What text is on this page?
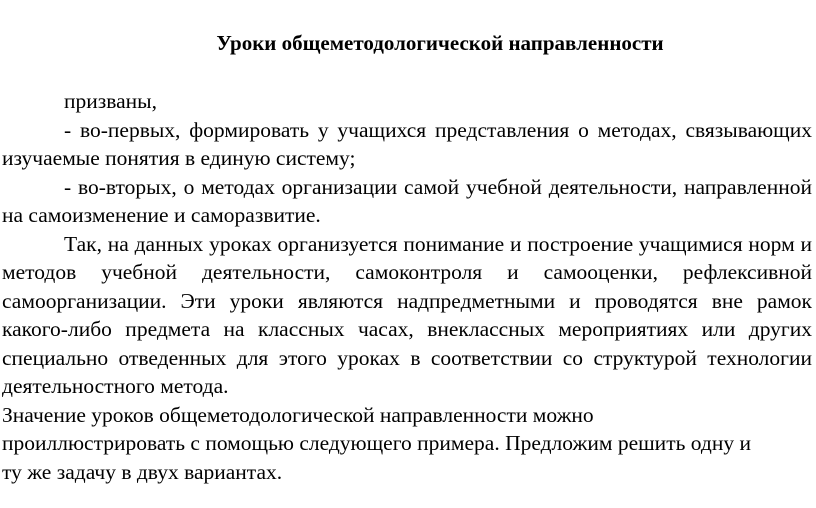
Уроки общеметодологической направленности

призваны,

- во-первых, формировать у учащихся представления о методах, связывающих изучаемые понятия в единую систему;

- во-вторых, о методах организации самой учебной деятельности, направленной на самоизменение и саморазвитие.

Так, на данных уроках организуется понимание и построение учащимися норм и методов учебной деятельности, самоконтроля и самооценки, рефлексивной самоорганизации. Эти уроки являются надпредметными и проводятся вне рамок какого-либо предмета на классных часах, внеклассных мероприятиях или других специально отведенных для этого уроках в соответствии со структурой технологии деятельностного метода.

Значение уроков общеметодологической направленности можно проиллюстрировать с помощью следующего примера. Предложим решить одну и ту же задачу в двух вариантах.
